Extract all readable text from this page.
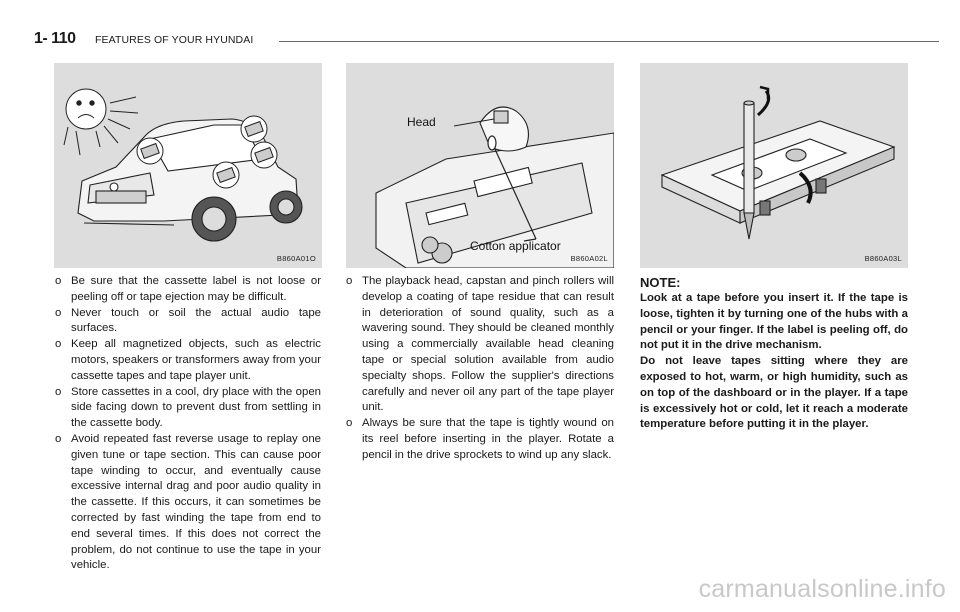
1- 110 FEATURES OF YOUR HYUNDAI
B860A01O
Head
Cotton applicator
B860A02L	B860A03L
o Be sure that the cassette label is not loose or peeling off or tape ejection may be difficult.
o Never touch or soil the actual audio tape surfaces.
o Keep all magnetized objects, such as electric motors, speakers or transformers away from your cassette tapes and tape player unit.
o Store cassettes in a cool, dry place with the open side facing down to prevent dust from settling in the cassette body.
o Avoid repeated fast reverse usage to replay one given tune or tape section. This can cause poor tape winding to occur, and eventually cause excessive internal drag and poor audio quality in the cassette. If this occurs, it can sometimes be corrected by fast winding the tape from end to end several times. If this does not correct the problem, do not continue to use the tape in your vehicle.
o The playback head, capstan and pinch rollers will develop a coating of tape residue that can result in deterioration of sound quality, such as a wavering sound. They should be cleaned monthly using a commercially available head cleaning tape or special solution available from audio specialty shops. Follow the supplier's directions carefully and never oil any part of the tape player unit.
o Always be sure that the tape is tightly wound on its reel before inserting in the player. Rotate a pencil in the drive sprockets to wind up any slack.
NOTE:

Look at a tape before you insert it. If the tape is loose, tighten it by turning one of the hubs with a pencil or your finger. If the label is peeling off, do not put it in the drive mechanism.

Do not leave tapes sitting where they are exposed to hot, warm, or high humidity, such as on top of the dashboard or in the player. If a tape is excessively hot or cold, let it reach a moderate temperature before putting it in the player.

carmanualsonline.info
